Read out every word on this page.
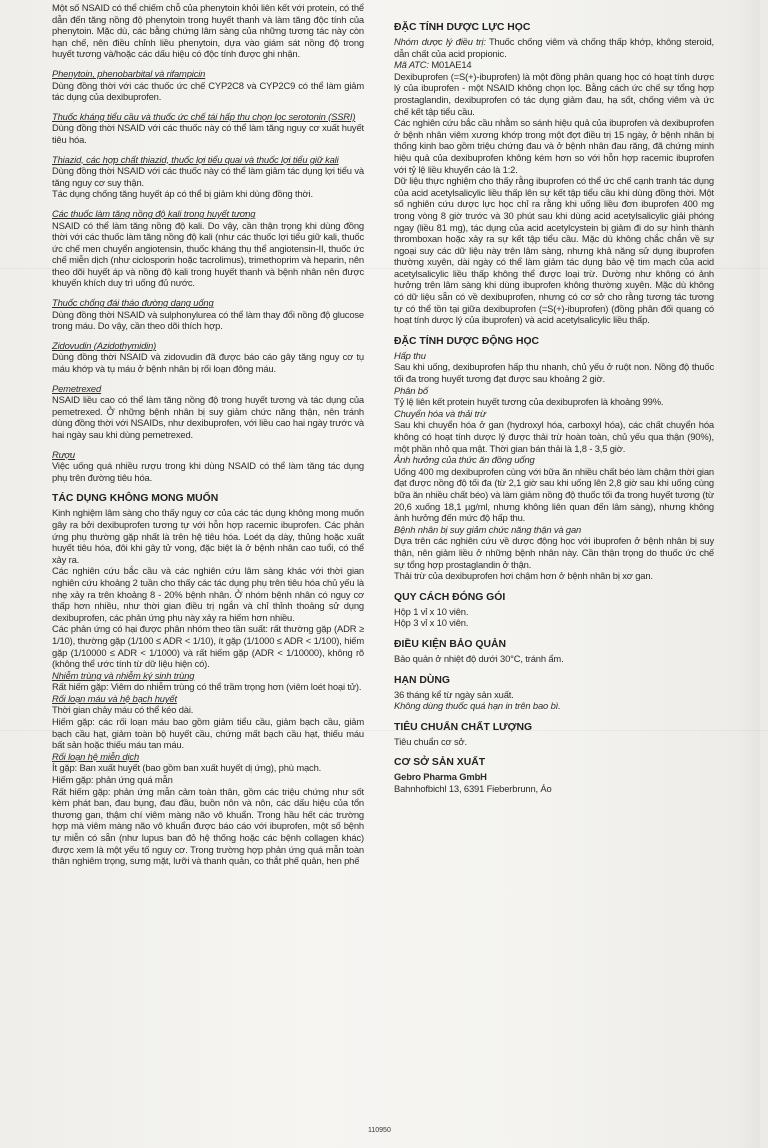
Một số NSAID có thể chiếm chỗ của phenytoin khỏi liên kết với protein, có thể dẫn đến tăng nồng độ phenytoin trong huyết thanh và làm tăng độc tính của phenytoin. Mặc dù, các bằng chứng lâm sàng của những tương tác này còn hạn chế, nên điều chỉnh liều phenytoin, dựa vào giám sát nồng độ trong huyết tương và/hoặc các dấu hiệu có độc tính được ghi nhận.

Phenytoin, phenobarbital và rifampicin

Dùng đồng thời với các thuốc ức chế CYP2C8 và CYP2C9 có thể làm giảm tác dụng của dexibuprofen.

Thuốc kháng tiểu cầu và thuốc ức chế tái hấp thu chọn lọc serotonin (SSRI)

Dùng đồng thời NSAID với các thuốc này có thể làm tăng nguy cơ xuất huyết tiêu hóa.

Thiazid, các hợp chất thiazid, thuốc lợi tiểu quai và thuốc lợi tiểu giữ kali

Dùng đồng thời NSAID với các thuốc này có thể làm giảm tác dụng lợi tiểu và tăng nguy cơ suy thận.

Tác dụng chống tăng huyết áp có thể bị giảm khi dùng đồng thời.

Các thuốc làm tăng nồng độ kali trong huyết tương

NSAID có thể làm tăng nồng độ kali. Do vậy, cần thận trọng khi dùng đồng thời với các thuốc làm tăng nồng độ kali (như các thuốc lợi tiểu giữ kali, thuốc ức chế men chuyển angiotensin, thuốc kháng thụ thể angiotensin-II, thuốc ức chế miễn dịch (như ciclosporin hoặc tacrolimus), trimethoprim và heparin, nên theo dõi huyết áp và nồng độ kali trong huyết thanh và bệnh nhân nên được khuyến khích duy trì uống đủ nước.

Thuốc chống đái tháo đường dạng uống

Dùng đồng thời NSAID và sulphonylurea có thể làm thay đổi nồng độ glucose trong máu. Do vậy, cần theo dõi thích hợp.

Zidovudin (Azidothymidin)

Dùng đồng thời NSAID và zidovudin đã được báo cáo gây tăng nguy cơ tụ máu khớp và tụ máu ở bệnh nhân bị rối loạn đông máu.

Pemetrexed

NSAID liều cao có thể làm tăng nồng độ trong huyết tương và tác dụng của pemetrexed. Ở những bệnh nhân bị suy giảm chức năng thận, nên tránh dùng đồng thời với NSAIDs, như dexibuprofen, với liều cao hai ngày trước và hai ngày sau khi dùng pemetrexed.

Rượu

Việc uống quá nhiều rượu trong khi dùng NSAID có thể làm tăng tác dụng phụ trên đường tiêu hóa.

TÁC DỤNG KHÔNG MONG MUỐN

Kinh nghiệm lâm sàng cho thấy nguy cơ của các tác dụng không mong muốn gây ra bởi dexibuprofen tương tự với hỗn hợp racemic ibuprofen. Các phản ứng phụ thường gặp nhất là trên hệ tiêu hóa. Loét dạ dày, thủng hoặc xuất huyết tiêu hóa, đôi khi gây tử vong, đặc biệt là ở bệnh nhân cao tuổi, có thể xảy ra.

Các nghiên cứu bắc cầu và các nghiên cứu lâm sàng khác với thời gian nghiên cứu khoảng 2 tuần cho thấy các tác dụng phụ trên tiêu hóa chủ yếu là nhẹ xảy ra trên khoảng 8 - 20% bệnh nhân. Ở nhóm bệnh nhân có nguy cơ thấp hơn nhiều, như thời gian điều trị ngắn và chỉ thỉnh thoảng sử dụng dexibuprofen, các phản ứng phụ này xảy ra hiếm hơn nhiều.

Các phản ứng có hại được phân nhóm theo tần suất: rất thường gặp (ADR ≥ 1/10), thường gặp (1/100 ≤ ADR < 1/10), ít gặp (1/1000 ≤ ADR < 1/100), hiếm gặp (1/10000 ≤ ADR < 1/1000) và rất hiếm gặp (ADR < 1/10000), không rõ (không thể ước tính từ dữ liệu hiện có).

Nhiễm trùng và nhiễm ký sinh trùng

Rất hiếm gặp: Viêm do nhiễm trùng có thể trầm trọng hơn (viêm loét hoại tử).

Rối loạn máu và hệ bạch huyết

Thời gian chảy máu có thể kéo dài.

Hiếm gặp: các rối loạn máu bao gồm giảm tiểu cầu, giảm bạch cầu, giảm bạch cầu hạt, giảm toàn bộ huyết cầu, chứng mất bạch cầu hạt, thiếu máu bất sản hoặc thiếu máu tan máu.

Rối loạn hệ miễn dịch

Ít gặp: Ban xuất huyết (bao gồm ban xuất huyết dị ứng), phù mạch.

Hiếm gặp: phản ứng quá mẫn

Rất hiếm gặp: phản ứng mẫn cảm toàn thân, gồm các triệu chứng như sốt kèm phát ban, đau bụng, đau đầu, buồn nôn và nôn, các dấu hiệu của tổn thương gan, thậm chí viêm màng não vô khuẩn. Trong hầu hết các trường hợp mà viêm màng não vô khuẩn được báo cáo với ibuprofen, một số bệnh tự miễn có sẵn (như lupus ban đỏ hệ thống hoặc các bệnh collagen khác) được xem là một yếu tố nguy cơ. Trong trường hợp phản ứng quá mẫn toàn thân nghiêm trọng, sưng mặt, lưỡi và thanh quản, co thắt phế quản, hen phế

ĐẶC TÍNH DƯỢC LỰC HỌC

Nhóm dược lý điều trị: Thuốc chống viêm và chống thấp khớp, không steroid, dẫn chất của acid propionic.

Mã ATC: M01AE14

Dexibuprofen (=S(+)-ibuprofen) là một đồng phân quang học có hoạt tính dược lý của ibuprofen - một NSAID không chọn lọc. Bằng cách ức chế sự tổng hợp prostaglandin, dexibuprofen có tác dụng giảm đau, hạ sốt, chống viêm và ức chế kết tập tiểu cầu.

Các nghiên cứu bắc cầu nhằm so sánh hiệu quả của ibuprofen và dexibuprofen ở bệnh nhân viêm xương khớp trong một đợt điều trị 15 ngày, ở bệnh nhân bị thống kinh bao gồm triệu chứng đau và ở bệnh nhân đau răng, đã chứng minh hiệu quả của dexibuprofen không kém hơn so với hỗn hợp racemic ibuprofen với tỷ lệ liều khuyến cáo là 1:2.

Dữ liệu thực nghiệm cho thấy rằng ibuprofen có thể ức chế cạnh tranh tác dụng của acid acetylsalicylic liều thấp lên sự kết tập tiểu cầu khi dùng đồng thời. Một số nghiên cứu dược lực học chỉ ra rằng khi uống liều đơn ibuprofen 400 mg trong vòng 8 giờ trước và 30 phút sau khi dùng acid acetylsalicylic giải phóng ngay (liều 81 mg), tác dụng của acid acetylcystein bị giảm đi do sự hình thành thromboxan hoặc xảy ra sự kết tập tiểu cầu. Mặc dù không chắc chắn về sự ngoại suy các dữ liệu này trên lâm sàng, nhưng khả năng sử dụng ibuprofen thường xuyên, dài ngày có thể làm giảm tác dụng bảo vệ tim mạch của acid acetylsalicylic liều thấp không thể được loại trừ. Dường như không có ảnh hưởng trên lâm sàng khi dùng ibuprofen không thường xuyên. Mặc dù không có dữ liệu sẵn có về dexibuprofen, nhưng có cơ sở cho rằng tương tác tương tự có thể tồn tại giữa dexibuprofen (=S(+)-ibuprofen) (đồng phân đối quang có hoạt tính dược lý của ibuprofen) và acid acetylsalicylic liều thấp.

ĐẶC TÍNH DƯỢC ĐỘNG HỌC

Hấp thu

Sau khi uống, dexibuprofen hấp thu nhanh, chủ yếu ở ruột non. Nồng độ thuốc tối đa trong huyết tương đạt được sau khoảng 2 giờ.

Phân bố

Tỷ lệ liên kết protein huyết tương của dexibuprofen là khoảng 99%.

Chuyển hóa và thải trừ

Sau khi chuyển hóa ở gan (hydroxyl hóa, carboxyl hóa), các chất chuyển hóa không có hoạt tính dược lý được thải trừ hoàn toàn, chủ yếu qua thận (90%), một phần nhỏ qua mật. Thời gian bán thải là 1,8 - 3,5 giờ.

Ảnh hưởng của thức ăn đồng uống

Uống 400 mg dexibuprofen cùng với bữa ăn nhiều chất béo làm chậm thời gian đạt được nồng độ tối đa (từ 2,1 giờ sau khi uống lên 2,8 giờ sau khi uống cùng bữa ăn nhiều chất béo) và làm giảm nồng độ thuốc tối đa trong huyết tương (từ 20,6 xuống 18,1 µg/ml, nhưng không liên quan đến lâm sàng), nhưng không ảnh hưởng đến mức độ hấp thu.

Bệnh nhân bị suy giảm chức năng thận và gan

Dựa trên các nghiên cứu về dược động học với ibuprofen ở bệnh nhân bị suy thận, nên giảm liều ở những bệnh nhân này. Cần thận trọng do thuốc ức chế sự tổng hợp prostaglandin ở thận.

Thải trừ của dexibuprofen hơi chậm hơn ở bệnh nhân bị xơ gan.

QUY CÁCH ĐÓNG GÓI

Hộp 1 vỉ x 10 viên.

Hộp 3 vỉ x 10 viên.

ĐIỀU KIỆN BẢO QUẢN

Bảo quản ở nhiệt độ dưới 30°C, tránh ẩm.

HẠN DÙNG

36 tháng kể từ ngày sản xuất.

Không dùng thuốc quá hạn in trên bao bì.

TIÊU CHUẨN CHẤT LƯỢNG

Tiêu chuẩn cơ sở.

CƠ SỞ SẢN XUẤT

Gebro Pharma GmbH

Bahnhofbichl 13, 6391 Fieberbrunn, Áo

110950
